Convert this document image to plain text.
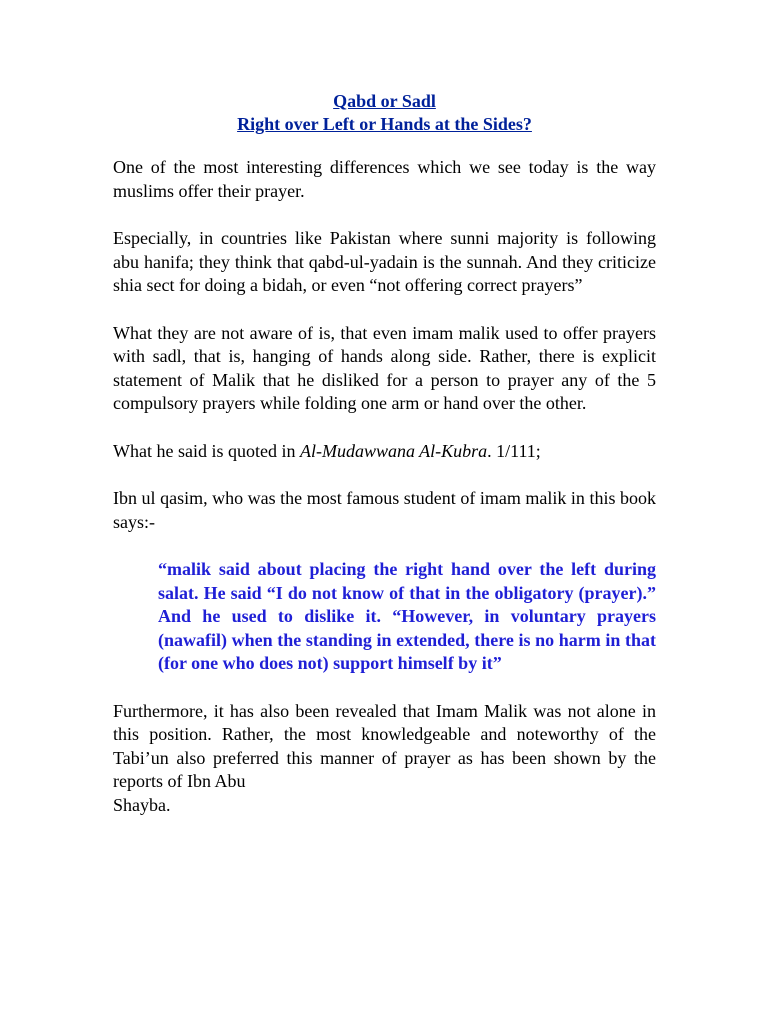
Qabd or Sadl
Right over Left or Hands at the Sides?

One of the most interesting differences which we see today is the way muslims offer their prayer.

Especially, in countries like Pakistan where sunni majority is following abu hanifa; they think that qabd-ul-yadain is the sunnah. And they criticize shia sect for doing a bidah, or even “not offering correct prayers”

What they are not aware of is, that even imam malik used to offer prayers with sadl, that is, hanging of hands along side. Rather, there is explicit statement of Malik that he disliked for a person to prayer any of the 5 compulsory prayers while folding one arm or hand over the other.

What he said is quoted in Al-Mudawwana Al-Kubra. 1/111;

Ibn ul qasim, who was the most famous student of imam malik in this book says:-

“malik said about placing the right hand over the left during salat. He said “I do not know of that in the obligatory (prayer).” And he used to dislike it. “However, in voluntary prayers (nawafil) when the standing in extended, there is no harm in that (for one who does not) support himself by it”

Furthermore, it has also been revealed that Imam Malik was not alone in this position. Rather, the most knowledgeable and noteworthy of the Tabi’un also preferred this manner of prayer as has been shown by the reports of Ibn Abu
Shayba.
